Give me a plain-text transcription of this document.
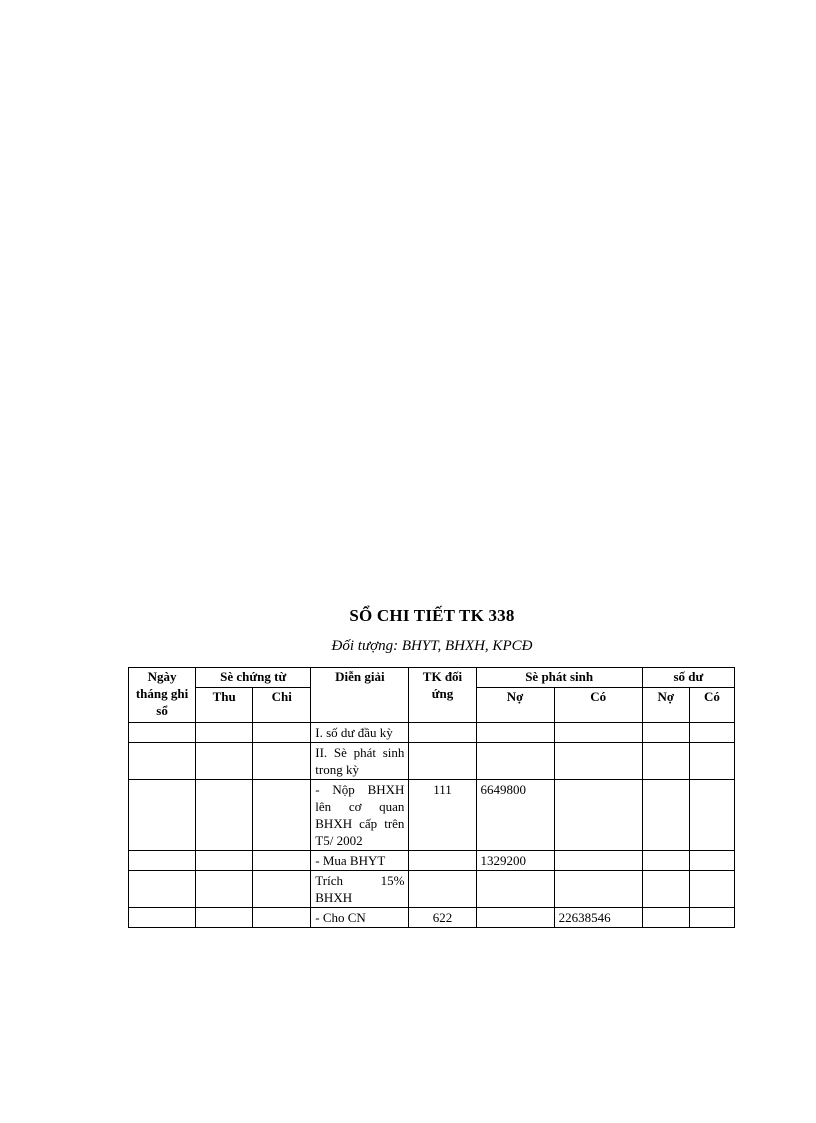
SỔ CHI TIẾT TK 338
Đối tượng: BHYT, BHXH, KPCĐ
Ngày tháng ghi sổ	Sè chứng từ		Diễn giải	TK đối ứng	Sè phát sinh		số dư	
	Thu	Chi			Nợ	Có	Nợ	Có
			I. số dư đầu kỳ					
			II. Sè phát sinh trong kỳ					
			- Nộp BHXH lên cơ quan BHXH cấp trên T5/ 2002	111	6649800			
			- Mua BHYT		1329200			
			Trích 15% BHXH					
			- Cho CN	622		22638546		
